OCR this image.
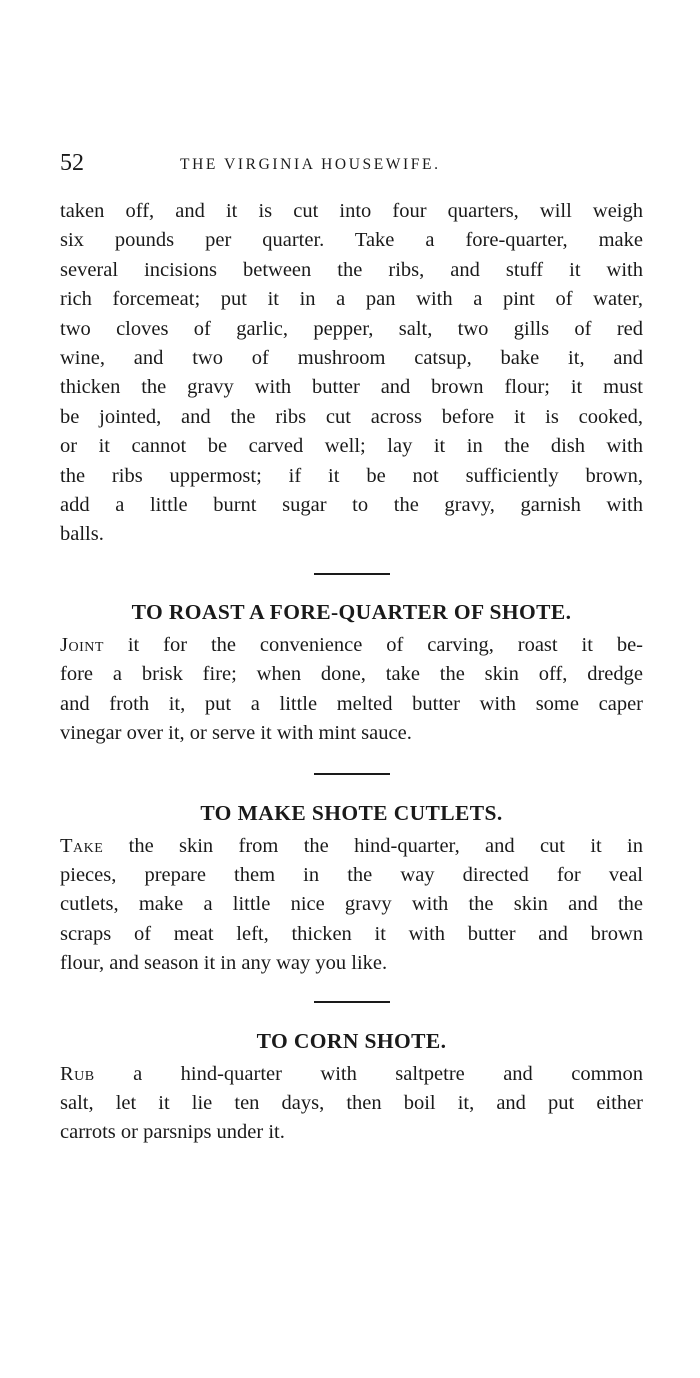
52	THE VIRGINIA HOUSEWIFE.
taken off, and it is cut into four quarters, will weigh
six pounds per quarter. Take a fore-quarter, make
several incisions between the ribs, and stuff it with
rich forcemeat; put it in a pan with a pint of water,
two cloves of garlic, pepper, salt, two gills of red
wine, and two of mushroom catsup, bake it, and
thicken the gravy with butter and brown flour; it must
be jointed, and the ribs cut across before it is cooked,
or it cannot be carved well; lay it in the dish with
the ribs uppermost; if it be not sufficiently brown,
add a little burnt sugar to the gravy, garnish with
balls.
TO ROAST A FORE-QUARTER OF SHOTE.
Joint it for the convenience of carving, roast it be-
fore a brisk fire; when done, take the skin off, dredge
and froth it, put a little melted butter with some caper
vinegar over it, or serve it with mint sauce.
TO MAKE SHOTE CUTLETS.
Take the skin from the hind-quarter, and cut it in
pieces, prepare them in the way directed for veal
cutlets, make a little nice gravy with the skin and the
scraps of meat left, thicken it with butter and brown
flour, and season it in any way you like.
TO CORN SHOTE.
Rub a hind-quarter with saltpetre and common
salt, let it lie ten days, then boil it, and put either
carrots or parsnips under it.
